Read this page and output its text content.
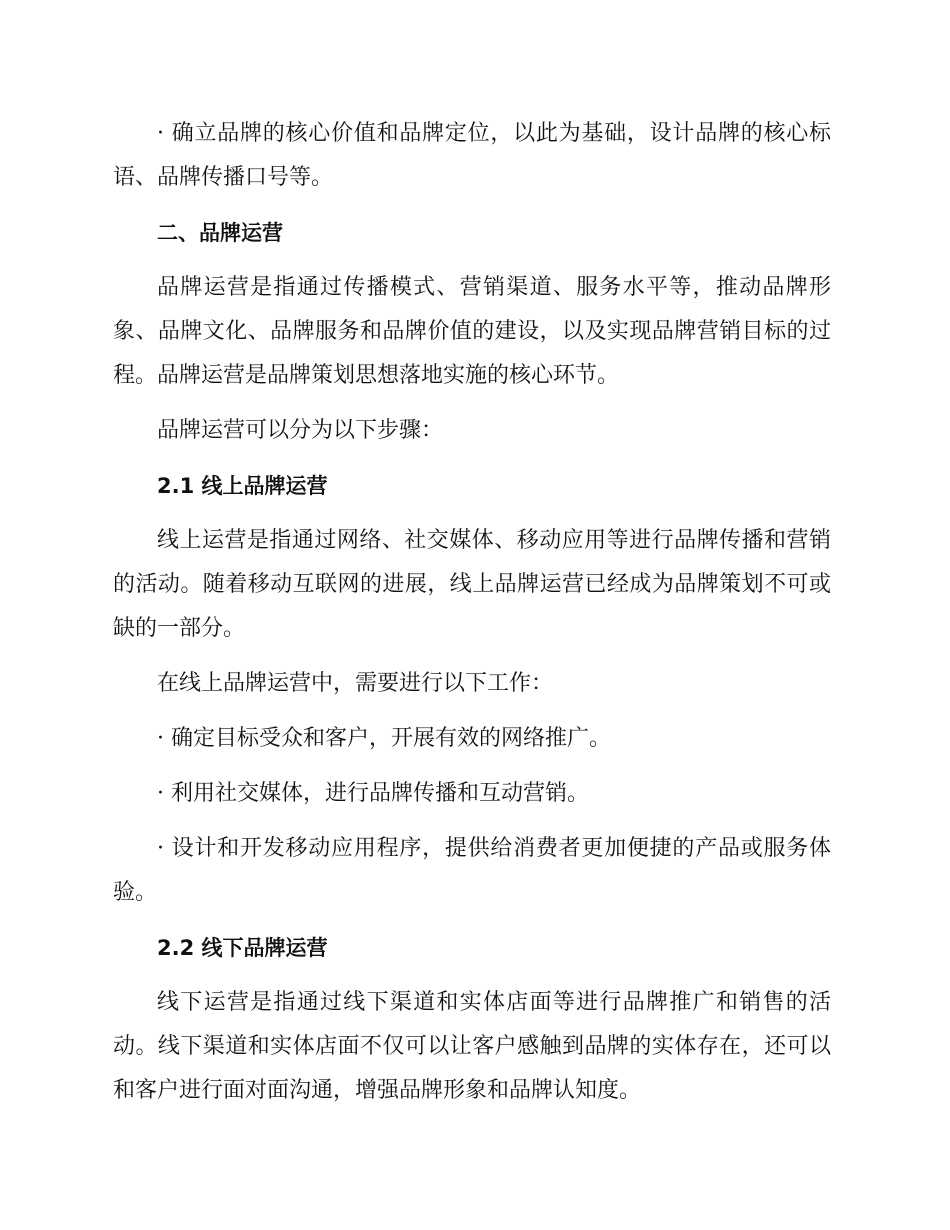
· 确立品牌的核心价值和品牌定位，以此为基础，设计品牌的核心标语、品牌传播口号等。

二、品牌运营

品牌运营是指通过传播模式、营销渠道、服务水平等，推动品牌形象、品牌文化、品牌服务和品牌价值的建设，以及实现品牌营销目标的过程。品牌运营是品牌策划思想落地实施的核心环节。

品牌运营可以分为以下步骤：

2.1 线上品牌运营

线上运营是指通过网络、社交媒体、移动应用等进行品牌传播和营销的活动。随着移动互联网的进展，线上品牌运营已经成为品牌策划不可或缺的一部分。

在线上品牌运营中，需要进行以下工作：

· 确定目标受众和客户，开展有效的网络推广。

· 利用社交媒体，进行品牌传播和互动营销。

· 设计和开发移动应用程序，提供给消费者更加便捷的产品或服务体验。

2.2 线下品牌运营

线下运营是指通过线下渠道和实体店面等进行品牌推广和销售的活动。线下渠道和实体店面不仅可以让客户感触到品牌的实体存在，还可以和客户进行面对面沟通，增强品牌形象和品牌认知度。
